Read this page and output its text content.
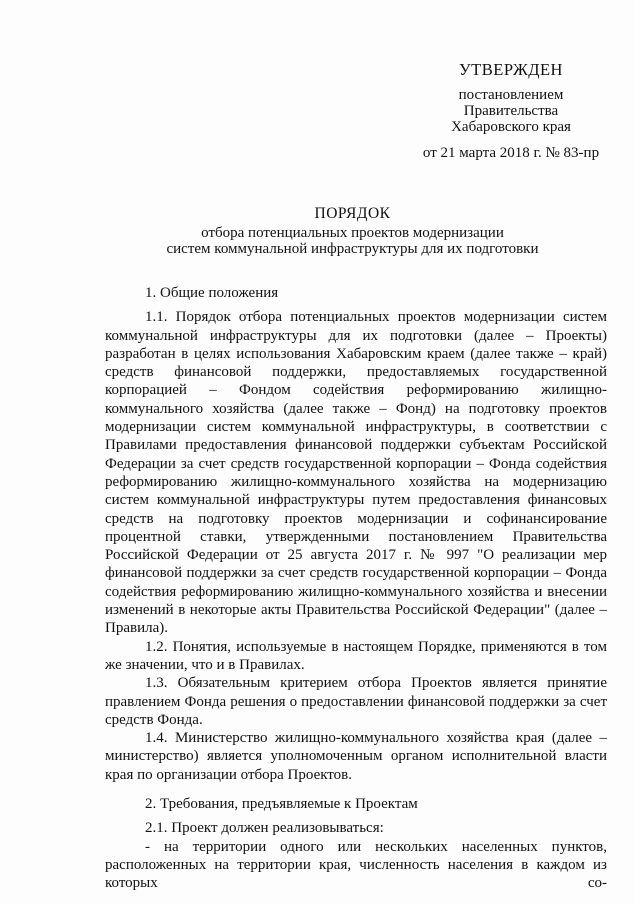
УТВЕРЖДЕН
постановлением
Правительства
Хабаровского края
от 21 марта 2018 г. № 83-пр
ПОРЯДОК
отбора потенциальных проектов модернизации
систем коммунальной инфраструктуры для их подготовки

1. Общие положения

1.1. Порядок отбора потенциальных проектов модернизации систем коммунальной инфраструктуры для их подготовки (далее – Проекты) разработан в целях использования Хабаровским краем (далее также – край) средств финансовой поддержки, предоставляемых государственной корпорацией – Фондом содействия реформированию жилищно-коммунального хозяйства (далее также – Фонд) на подготовку проектов модернизации систем коммунальной инфраструктуры, в соответствии с Правилами предоставления финансовой поддержки субъектам Российской Федерации за счет средств государственной корпорации – Фонда содействия реформированию жилищно-коммунального хозяйства на модернизацию систем коммунальной инфраструктуры путем предоставления финансовых средств на подготовку проектов модернизации и софинансирование процентной ставки, утвержденными постановлением Правительства Российской Федерации от 25 августа 2017 г. № 997 "О реализации мер финансовой поддержки за счет средств государственной корпорации – Фонда содействия реформированию жилищно-коммунального хозяйства и внесении изменений в некоторые акты Правительства Российской Федерации" (далее – Правила).

1.2. Понятия, используемые в настоящем Порядке, применяются в том же значении, что и в Правилах.

1.3. Обязательным критерием отбора Проектов является принятие правлением Фонда решения о предоставлении финансовой поддержки за счет средств Фонда.

1.4. Министерство жилищно-коммунального хозяйства края (далее – министерство) является уполномоченным органом исполнительной власти края по организации отбора Проектов.

2. Требования, предъявляемые к Проектам

2.1. Проект должен реализовываться:

- на территории одного или нескольких населенных пунктов, расположенных на территории края, численность населения в каждом из которых со-
